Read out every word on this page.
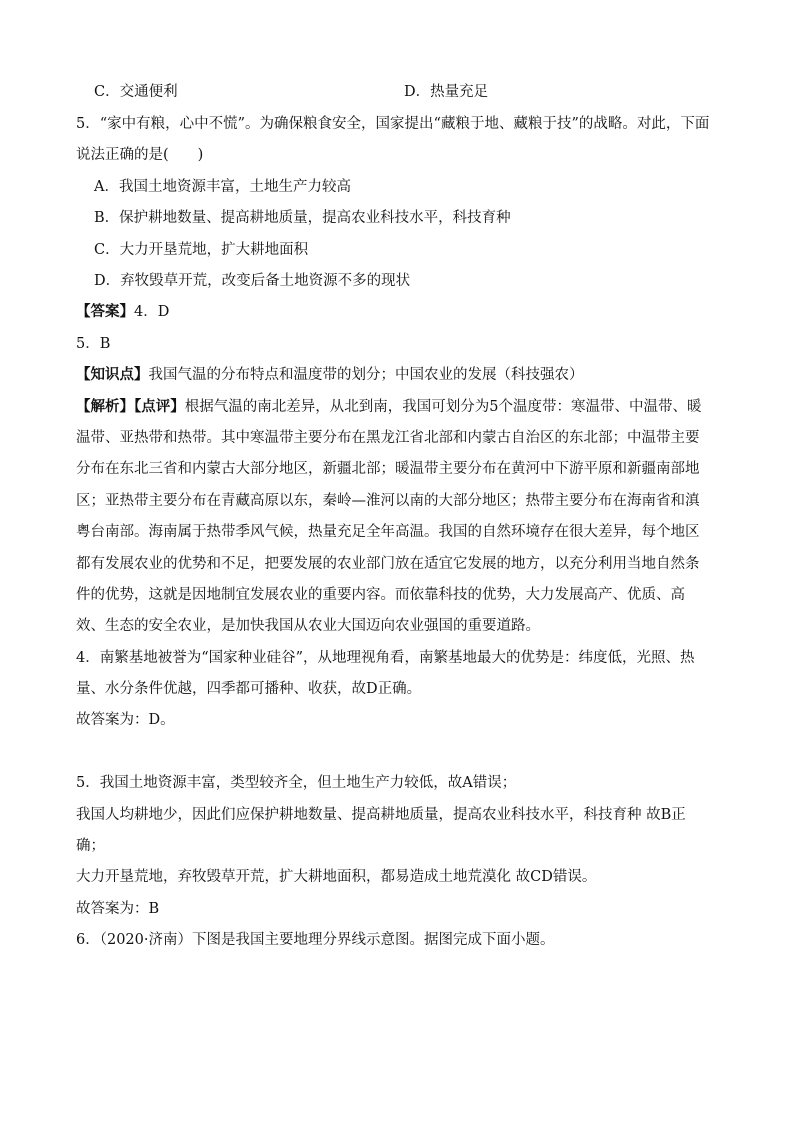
C．交通便利	D．热量充足
5．“家中有粮，心中不慌”。为确保粮食安全，国家提出“藏粮于地、藏粮于技”的战略。对此，下面
说法正确的是(　　)
A．我国土地资源丰富，土地生产力较高
B．保护耕地数量、提高耕地质量，提高农业科技水平，科技育种
C．大力开垦荒地，扩大耕地面积
D．弃牧毁草开荒，改变后备土地资源不多的现状
【答案】4．D
5．B
【知识点】我国气温的分布特点和温度带的划分；中国农业的发展（科技强农）
【解析】【点评】根据气温的南北差异，从北到南，我国可划分为5个温度带：寒温带、中温带、暖
温带、亚热带和热带。其中寒温带主要分布在黑龙江省北部和内蒙古自治区的东北部；中温带主要
分布在东北三省和内蒙古大部分地区，新疆北部；暖温带主要分布在黄河中下游平原和新疆南部地
区；亚热带主要分布在青藏高原以东，秦岭—淮河以南的大部分地区；热带主要分布在海南省和滇
粤台南部。海南属于热带季风气候，热量充足全年高温。我国的自然环境存在很大差异，每个地区
都有发展农业的优势和不足，把要发展的农业部门放在适宜它发展的地方，以充分利用当地自然条
件的优势，这就是因地制宜发展农业的重要内容。而依靠科技的优势，大力发展高产、优质、高
效、生态的安全农业，是加快我国从农业大国迈向农业强国的重要道路。
4．南繁基地被誉为“国家种业硅谷”，从地理视角看，南繁基地最大的优势是：纬度低，光照、热
量、水分条件优越，四季都可播种、收获，故D正确。
故答案为：D。
5．我国土地资源丰富，类型较齐全，但土地生产力较低，故A错误；
我国人均耕地少，因此们应保护耕地数量、提高耕地质量，提高农业科技水平，科技育种 故B正
确；
大力开垦荒地，弃牧毁草开荒，扩大耕地面积，都易造成土地荒漠化 故CD错误。
故答案为：B
6．（2020·济南）下图是我国主要地理分界线示意图。据图完成下面小题。
